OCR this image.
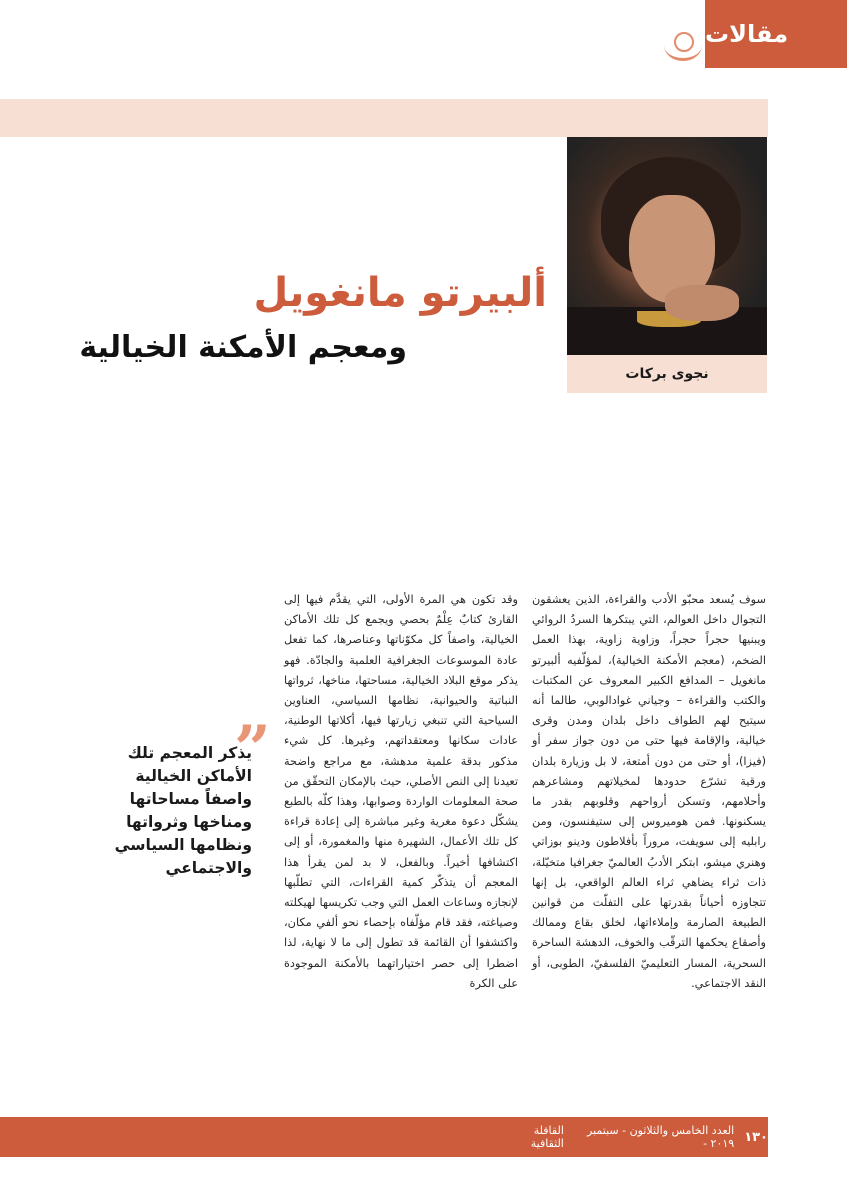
مقالات
نجوى بركات
ألبيرتو مانغويل
ومعجم الأمكنة الخيالية
سوف يُسعد محبّو الأدب والقراءة، الذين يعشقون التجوال داخل العوالم، التي يبتكرها السردُ الروائي ويبنيها حجراً حجراً، وزاوية زاوية، بهذا العمل الضخم، (معجم الأمكنة الخيالية)، لمؤلّفيه ألبيرتو مانغويل – المدافع الكبير المعروف عن المكتبات والكتب والقراءة – وجياني غوادالوبي، طالما أنه سيتيح لهم الطواف داخل بلدان ومدن وقرى خيالية، والإقامة فيها حتى من دون جواز سفر أو (فيزا)، أو حتى من دون أمتعة، لا بل وزيارة بلدان ورقية تشرّع حدودها لمخيلاتهم ومشاعرهم وأحلامهم، وتسكن أرواحهم وقلوبهم بقدر ما يسكنونها. فمن هوميروس إلى ستيفنسون، ومن رابليه إلى سويفت، مروراً بأفلاطون ودينو بوزاتي وهنري ميشو، ابتكر الأدبُ العالميّ جغرافيا متخيّلة، ذات ثراء يضاهي ثراء العالم الواقعي، بل إنها تتجاوزه أحياناً بقدرتها على التفلّت من قوانين الطبيعة الصارمة وإملاءاتها، لخلق بقاع وممالك وأصقاع يحكمها الترقّب والخوف، الدهشة الساحرة السحرية، المسار التعليميّ الفلسفيّ، الطوبى، أو النقد الاجتماعي.
وقد تكون هي المرة الأولى، التي يقدَّم فيها إلى القارئ كتابٌ عِلْمٌ بحصي ويجمع كل تلك الأماكن الخيالية، واصفاً كل مكوّناتها وعناصرها، كما تفعل عادة الموسوعات الجغرافية العلمية والجادّة. فهو يذكر موقع البلاد الخيالية، مساحتها، مناخها، ثرواتها النباتية والحيوانية، نظامها السياسي، العناوين السياحية التي تنبغي زيارتها فيها، أكلاتها الوطنية، عادات سكانها ومعتقداتهم، وغيرها. كل شيء مذكور بدقة علمية مدهشة، مع مراجع واضحة تعيدنا إلى النص الأصلي، حيث بالإمكان التحقّق من صحة المعلومات الواردة وصوابها، وهذا كلّه بالطبع يشكّل دعوة مغرية وغير مباشرة إلى إعادة قراءة كل تلك الأعمال، الشهيرة منها والمغمورة، أو إلى اكتشافها أخيراً. وبالفعل، لا بد لمن يقرأ هذا المعجم أن يتذكّر كمية القراءات، التي تطلّبها لإنجازه وساعات العمل التي وجب تكريسها لهيكلته وصياغته، فقد قام مؤلّفاه بإحصاء نحو ألفي مكان، واكتشفوا أن القائمة قد تطول إلى ما لا نهاية، لذا اضطرا إلى حصر اختياراتهما بالأمكنة الموجودة على الكرة
”
يذكر المعجم تلك الأماكن الخيالية واصفاً مساحاتها ومناخها وثرواتها ونظامها السياسي والاجتماعي
١٣٠
العدد الخامس والثلاثون - سبتمبر ٢٠١٩ -
القافلة الثقافية
